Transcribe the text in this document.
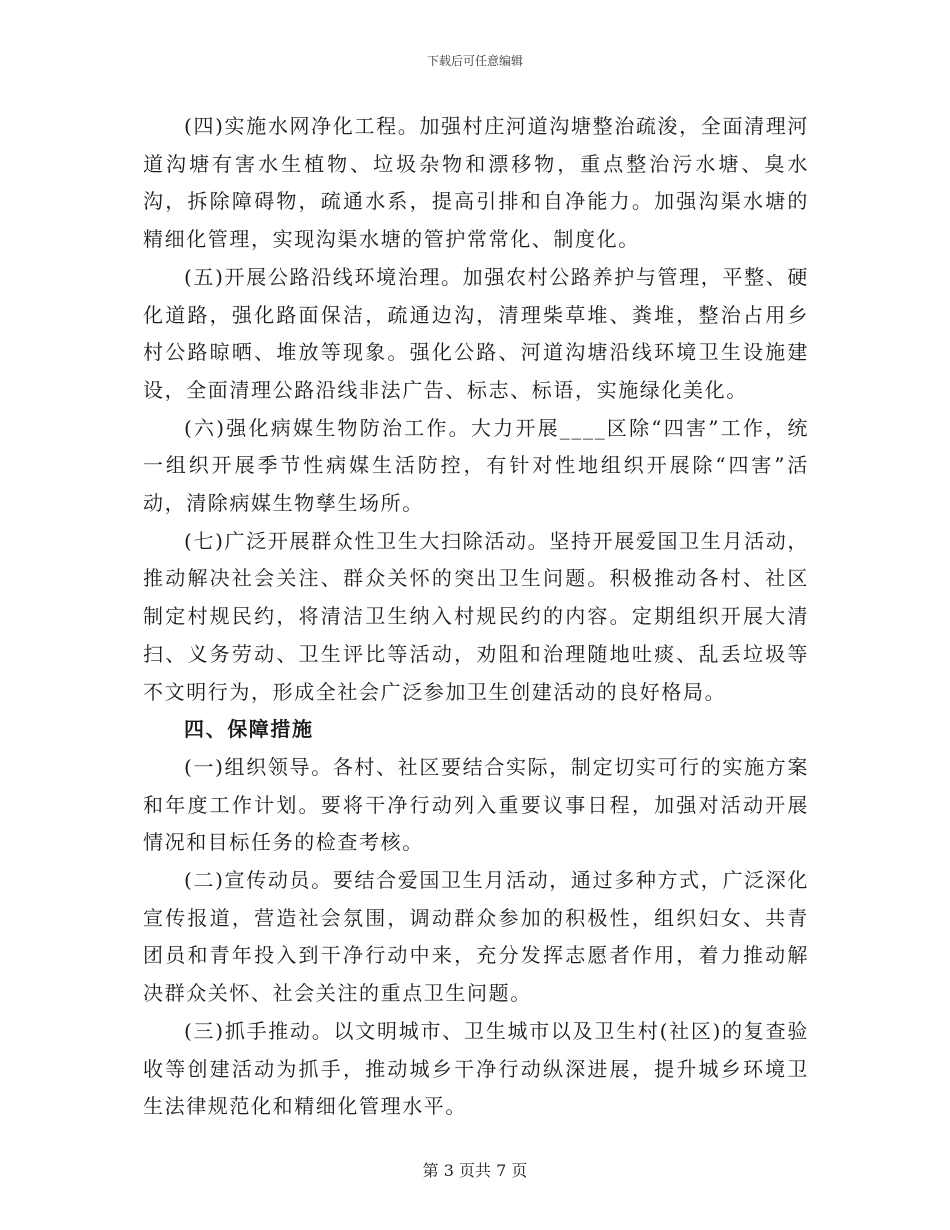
下载后可任意编辑

(四)实施水网净化工程。加强村庄河道沟塘整治疏浚，全面清理河道沟塘有害水生植物、垃圾杂物和漂移物，重点整治污水塘、臭水沟，拆除障碍物，疏通水系，提高引排和自净能力。加强沟渠水塘的精细化管理，实现沟渠水塘的管护常常化、制度化。

(五)开展公路沿线环境治理。加强农村公路养护与管理，平整、硬化道路，强化路面保洁，疏通边沟，清理柴草堆、粪堆，整治占用乡村公路晾晒、堆放等现象。强化公路、河道沟塘沿线环境卫生设施建设，全面清理公路沿线非法广告、标志、标语，实施绿化美化。

(六)强化病媒生物防治工作。大力开展____区除“四害”工作，统一组织开展季节性病媒生活防控，有针对性地组织开展除“四害”活动，清除病媒生物孳生场所。

(七)广泛开展群众性卫生大扫除活动。坚持开展爱国卫生月活动，推动解决社会关注、群众关怀的突出卫生问题。积极推动各村、社区制定村规民约，将清洁卫生纳入村规民约的内容。定期组织开展大清扫、义务劳动、卫生评比等活动，劝阻和治理随地吐痰、乱丢垃圾等不文明行为，形成全社会广泛参加卫生创建活动的良好格局。

四、保障措施

(一)组织领导。各村、社区要结合实际，制定切实可行的实施方案和年度工作计划。要将干净行动列入重要议事日程，加强对活动开展情况和目标任务的检查考核。

(二)宣传动员。要结合爱国卫生月活动，通过多种方式，广泛深化宣传报道，营造社会氛围，调动群众参加的积极性，组织妇女、共青团员和青年投入到干净行动中来，充分发挥志愿者作用，着力推动解决群众关怀、社会关注的重点卫生问题。

(三)抓手推动。以文明城市、卫生城市以及卫生村(社区)的复查验收等创建活动为抓手，推动城乡干净行动纵深进展，提升城乡环境卫生法律规范化和精细化管理水平。

第 3 页共 7 页
